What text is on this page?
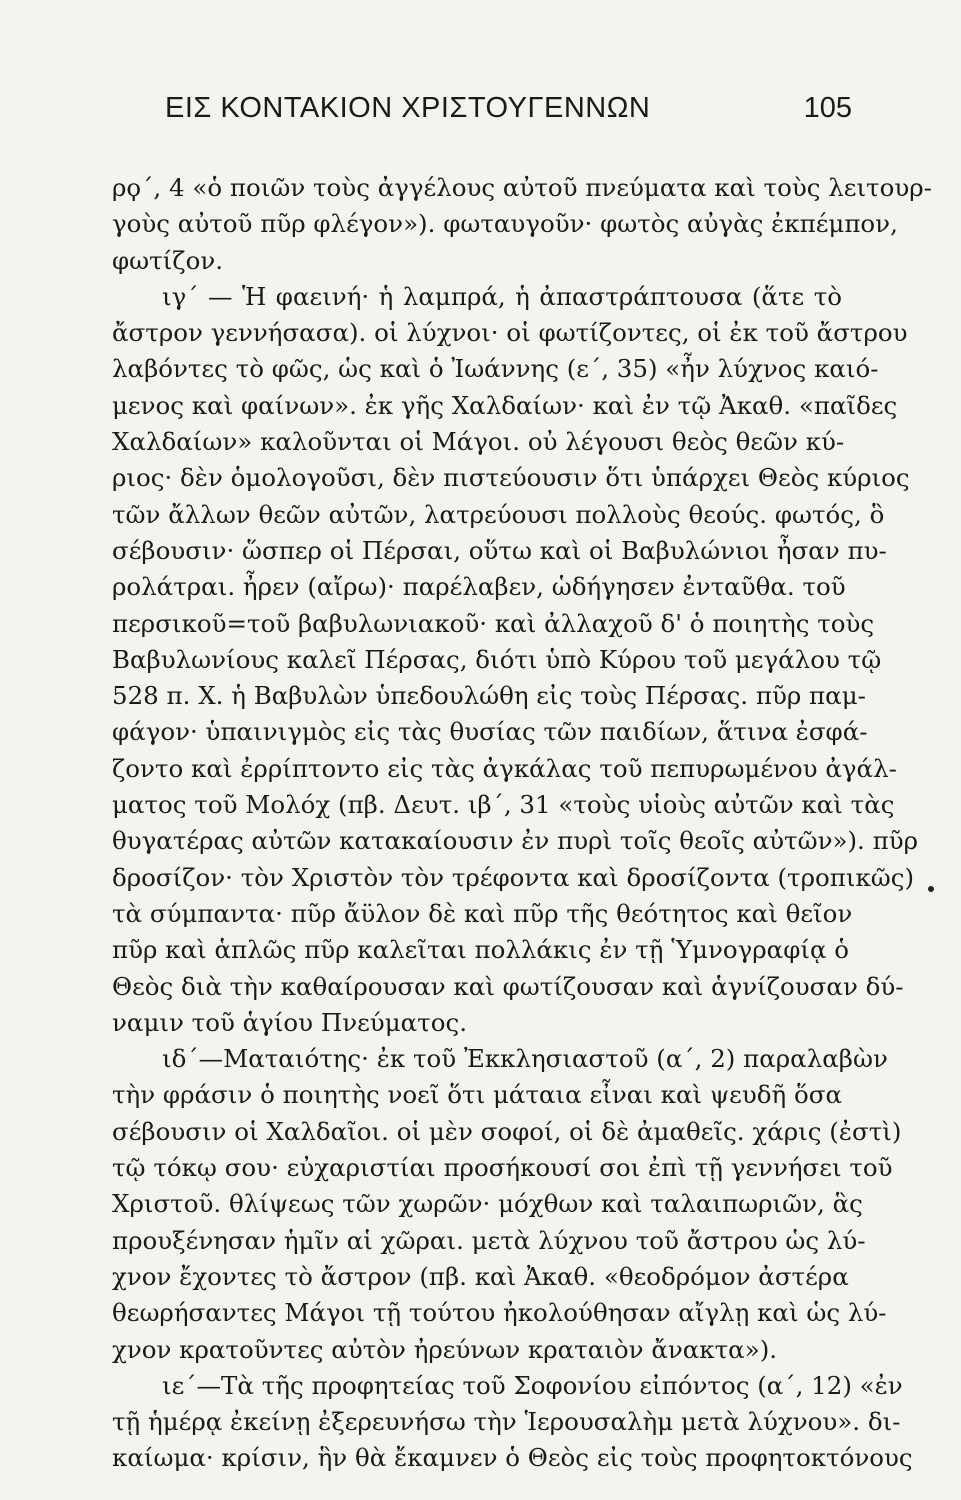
ΕΙΣ ΚΟΝΤΑΚΙΟΝ ΧΡΙΣΤΟΥΓΕΝΝΩΝ	105
ρϙ΄, 4 «ὁ ποιῶν τοὺς ἀγγέλους αὐτοῦ πνεύματα καὶ τοὺς λειτουρ-
γοὺς αὐτοῦ πῦρ φλέγον»). φωταυγοῦν· φωτὸς αὐγὰς ἐκπέμπον,
φωτίζον.
ιγ΄ — Ἡ φαεινή· ἡ λαμπρά, ἡ ἀπαστράπτουσα (ἅτε τὸ
ἄστρον γεννήσασα). οἱ λύχνοι· οἱ φωτίζοντες, οἱ ἐκ τοῦ ἄστρου
λαβόντες τὸ φῶς, ὡς καὶ ὁ Ἰωάννης (ε΄, 35) «ἦν λύχνος καιό-
μενος καὶ φαίνων». ἐκ γῆς Χαλδαίων· καὶ ἐν τῷ Ἀκαθ. «παῖδες
Χαλδαίων» καλοῦνται οἱ Μάγοι. οὐ λέγουσι θεὸς θεῶν κύ-
ριος· δὲν ὁμολογοῦσι, δὲν πιστεύουσιν ὅτι ὑπάρχει Θεὸς κύριος
τῶν ἄλλων θεῶν αὐτῶν, λατρεύουσι πολλοὺς θεούς. φωτός, ὃ
σέβουσιν· ὥσπερ οἱ Πέρσαι, οὕτω καὶ οἱ Βαβυλώνιοι ἦσαν πυ-
ρολάτραι. ἦρεν (αἴρω)· παρέλαβεν, ὡδήγησεν ἐνταῦθα. τοῦ
περσικοῦ=τοῦ βαβυλωνιακοῦ· καὶ ἀλλαχοῦ δ' ὁ ποιητὴς τοὺς
Βαβυλωνίους καλεῖ Πέρσας, διότι ὑπὸ Κύρου τοῦ μεγάλου τῷ
528 π. Χ. ἡ Βαβυλὼν ὑπεδουλώθη εἰς τοὺς Πέρσας. πῦρ παμ-
φάγον· ὑπαινιγμὸς εἰς τὰς θυσίας τῶν παιδίων, ἅτινα ἐσφά-
ζοντο καὶ ἐρρίπτοντο εἰς τὰς ἀγκάλας τοῦ πεπυρωμένου ἀγάλ-
ματος τοῦ Μολόχ (πβ. Δευτ. ιβ΄, 31 «τοὺς υἱοὺς αὐτῶν καὶ τὰς
θυγατέρας αὐτῶν κατακαίουσιν ἐν πυρὶ τοῖς θεοῖς αὐτῶν»). πῦρ
δροσίζον· τὸν Χριστὸν τὸν τρέφοντα καὶ δροσίζοντα (τροπικῶς)
τὰ σύμπαντα· πῦρ ἄϋλον δὲ καὶ πῦρ τῆς θεότητος καὶ θεῖον
πῦρ καὶ ἁπλῶς πῦρ καλεῖται πολλάκις ἐν τῇ Ὑμνογραφίᾳ ὁ
Θεὸς διὰ τὴν καθαίρουσαν καὶ φωτίζουσαν καὶ ἁγνίζουσαν δύ-
ναμιν τοῦ ἁγίου Πνεύματος.
ιδ΄—Ματαιότης· ἐκ τοῦ Ἐκκλησιαστοῦ (α΄, 2) παραλαβὼν
τὴν φράσιν ὁ ποιητὴς νοεῖ ὅτι μάταια εἶναι καὶ ψευδῆ ὅσα
σέβουσιν οἱ Χαλδαῖοι. οἱ μὲν σοφοί, οἱ δὲ ἀμαθεῖς. χάρις (ἐστὶ)
τῷ τόκῳ σου· εὐχαριστίαι προσήκουσί σοι ἐπὶ τῇ γεννήσει τοῦ
Χριστοῦ. θλίψεως τῶν χωρῶν· μόχθων καὶ ταλαιπωριῶν, ἃς
προυξένησαν ἡμῖν αἱ χῶραι. μετὰ λύχνου τοῦ ἄστρου ὡς λύ-
χνον ἔχοντες τὸ ἄστρον (πβ. καὶ Ἀκαθ. «θεοδρόμον ἀστέρα
θεωρήσαντες Μάγοι τῇ τούτου ἠκολούθησαν αἴγλῃ καὶ ὡς λύ-
χνον κρατοῦντες αὐτὸν ἠρεύνων κραταιὸν ἄνακτα»).
ιε΄—Τὰ τῆς προφητείας τοῦ Σοφονίου εἰπόντος (α΄, 12) «ἐν
τῇ ἡμέρᾳ ἐκείνῃ ἐξερευνήσω τὴν Ἱερουσαλὴμ μετὰ λύχνου». δι-
καίωμα· κρίσιν, ἣν θὰ ἔκαμνεν ὁ Θεὸς εἰς τοὺς προφητοκτόνους
